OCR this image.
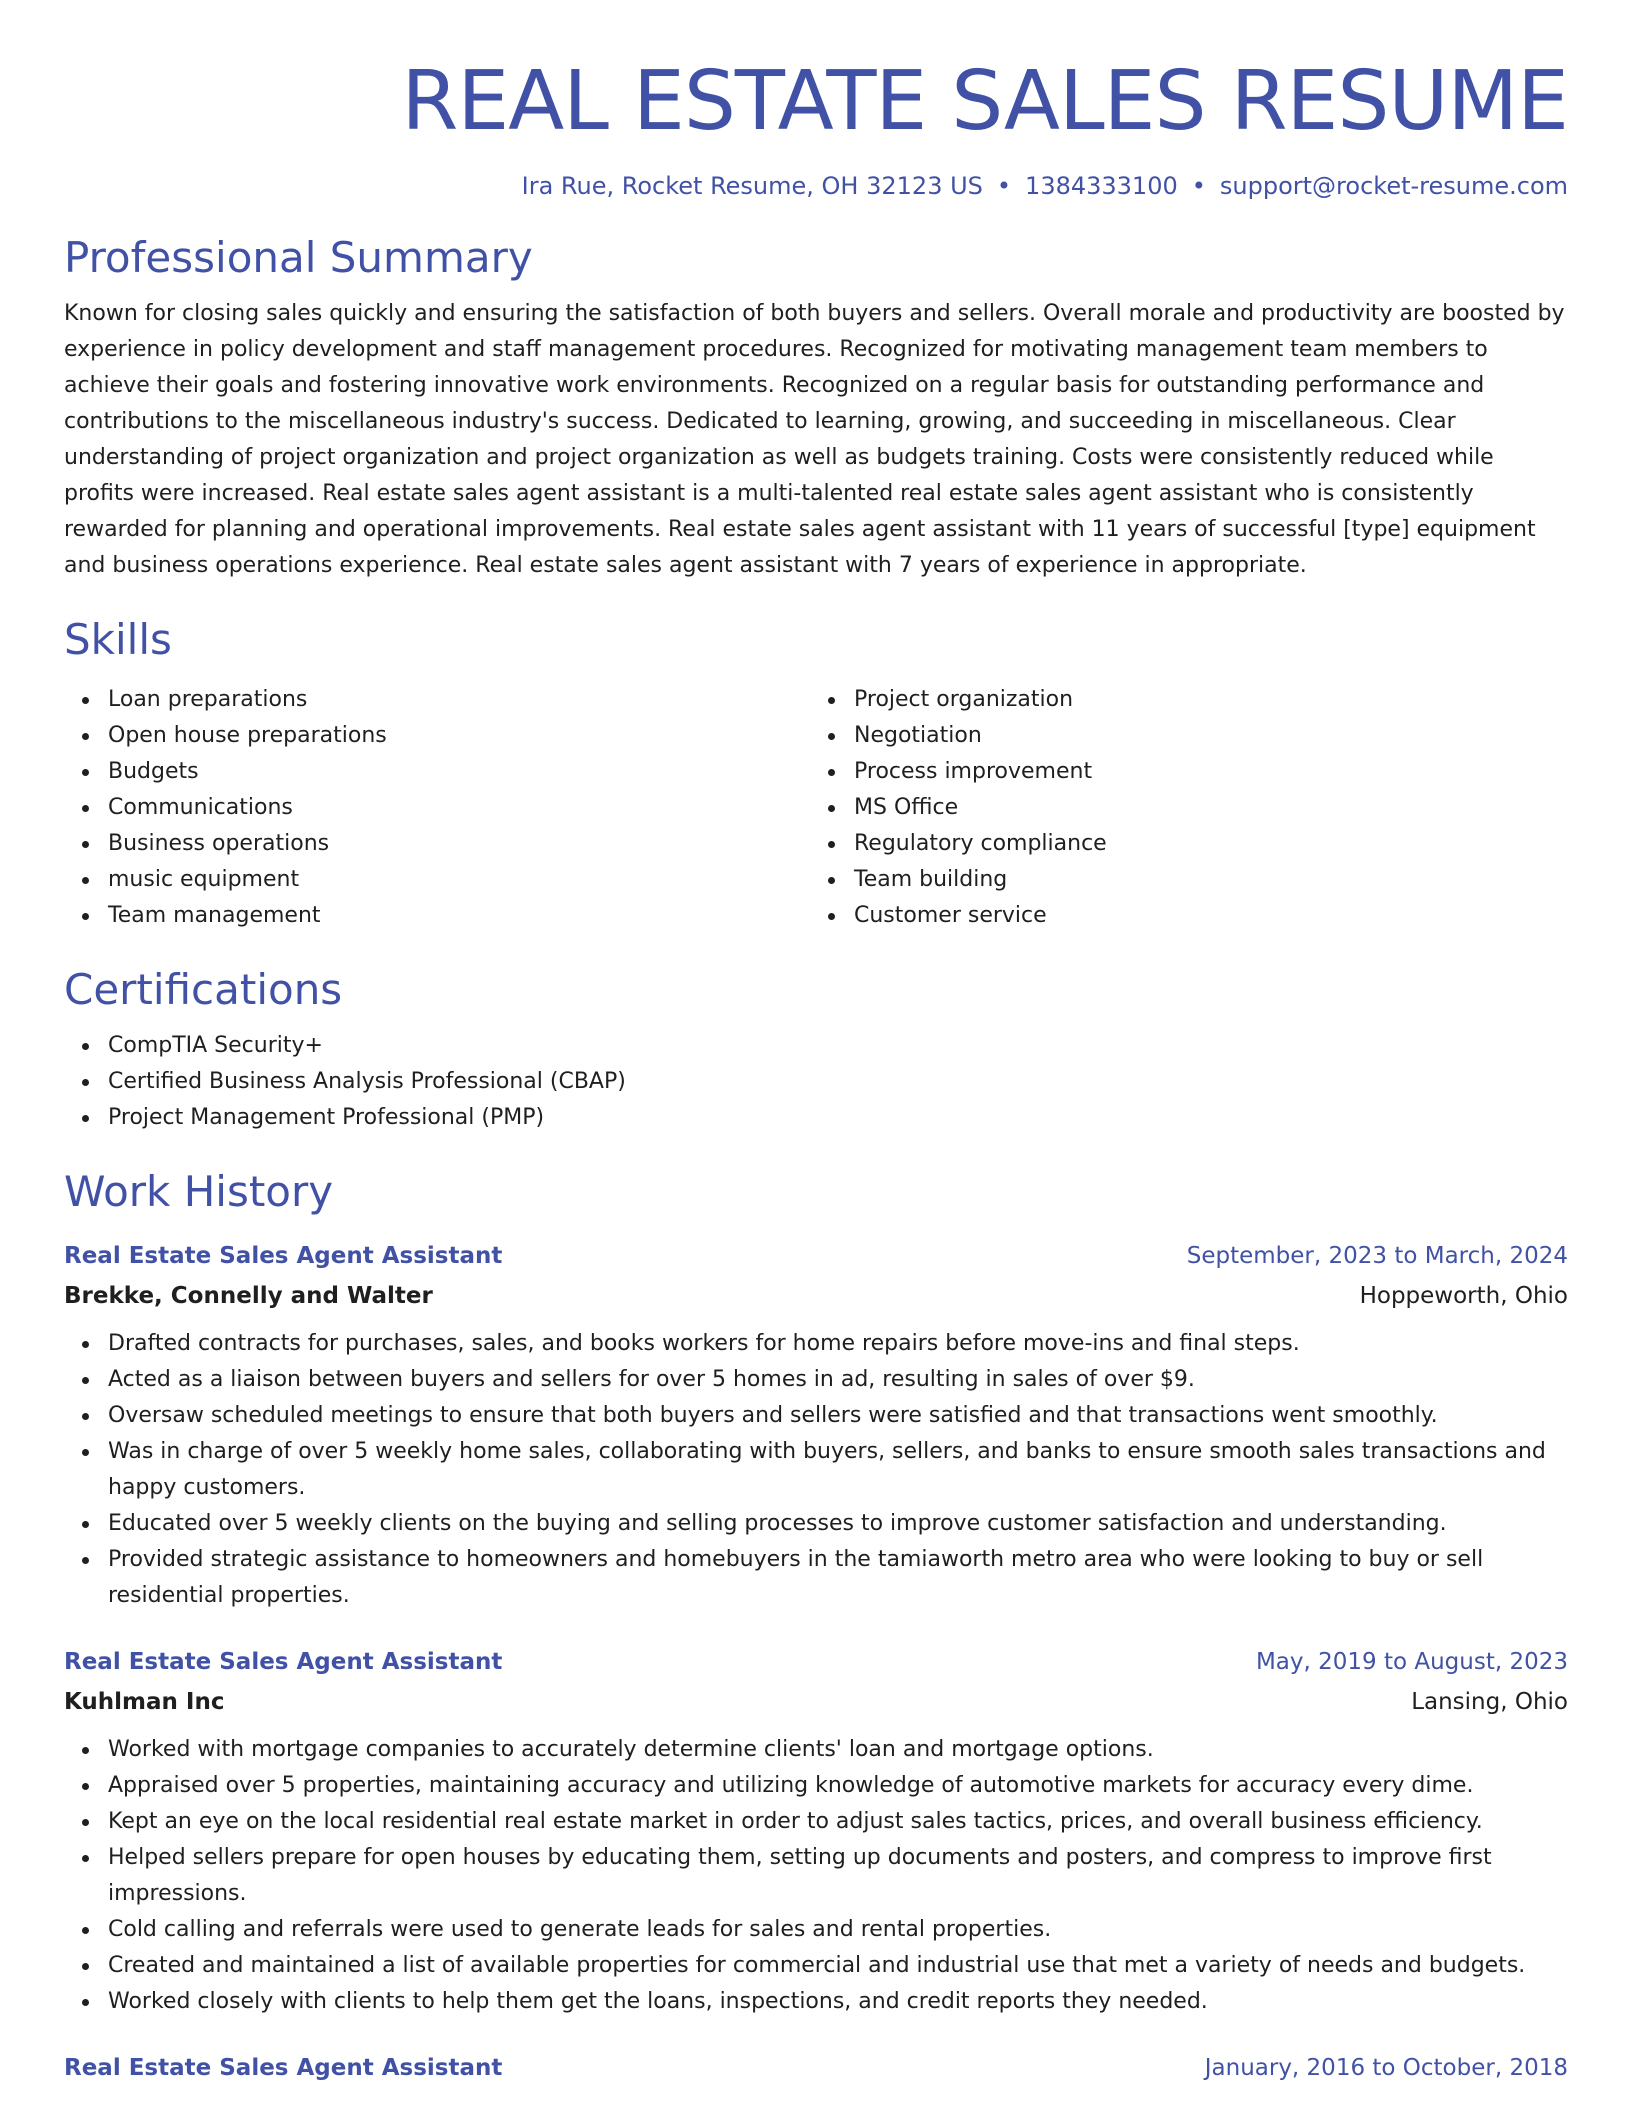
REAL ESTATE SALES RESUME
Ira Rue, Rocket Resume, OH 32123 US • 1384333100 • support@rocket-resume.com
Professional Summary

Known for closing sales quickly and ensuring the satisfaction of both buyers and sellers. Overall morale and productivity are boosted by experience in policy development and staff management procedures. Recognized for motivating management team members to achieve their goals and fostering innovative work environments. Recognized on a regular basis for outstanding performance and contributions to the miscellaneous industry's success. Dedicated to learning, growing, and succeeding in miscellaneous. Clear understanding of project organization and project organization as well as budgets training. Costs were consistently reduced while profits were increased. Real estate sales agent assistant is a multi-talented real estate sales agent assistant who is consistently rewarded for planning and operational improvements. Real estate sales agent assistant with 11 years of successful [type] equipment and business operations experience. Real estate sales agent assistant with 7 years of experience in appropriate.

Skills
Loan preparations
Open house preparations
Budgets
Communications
Business operations
music equipment
Team management
Project organization
Negotiation
Process improvement
MS Office
Regulatory compliance
Team building
Customer service
Certifications
CompTIA Security+
Certified Business Analysis Professional (CBAP)
Project Management Professional (PMP)
Work History
Real Estate Sales Agent Assistant	September, 2023 to March, 2024
Brekke, Connelly and Walter	Hoppeworth, Ohio
Drafted contracts for purchases, sales, and books workers for home repairs before move-ins and final steps.
Acted as a liaison between buyers and sellers for over 5 homes in ad, resulting in sales of over $9.
Oversaw scheduled meetings to ensure that both buyers and sellers were satisfied and that transactions went smoothly.
Was in charge of over 5 weekly home sales, collaborating with buyers, sellers, and banks to ensure smooth sales transactions and happy customers.
Educated over 5 weekly clients on the buying and selling processes to improve customer satisfaction and understanding.
Provided strategic assistance to homeowners and homebuyers in the tamiaworth metro area who were looking to buy or sell residential properties.
Real Estate Sales Agent Assistant	May, 2019 to August, 2023
Kuhlman Inc	Lansing, Ohio
Worked with mortgage companies to accurately determine clients' loan and mortgage options.
Appraised over 5 properties, maintaining accuracy and utilizing knowledge of automotive markets for accuracy every dime.
Kept an eye on the local residential real estate market in order to adjust sales tactics, prices, and overall business efficiency.
Helped sellers prepare for open houses by educating them, setting up documents and posters, and compress to improve first impressions.
Cold calling and referrals were used to generate leads for sales and rental properties.
Created and maintained a list of available properties for commercial and industrial use that met a variety of needs and budgets.
Worked closely with clients to help them get the loans, inspections, and credit reports they needed.
Real Estate Sales Agent Assistant	January, 2016 to October, 2018
